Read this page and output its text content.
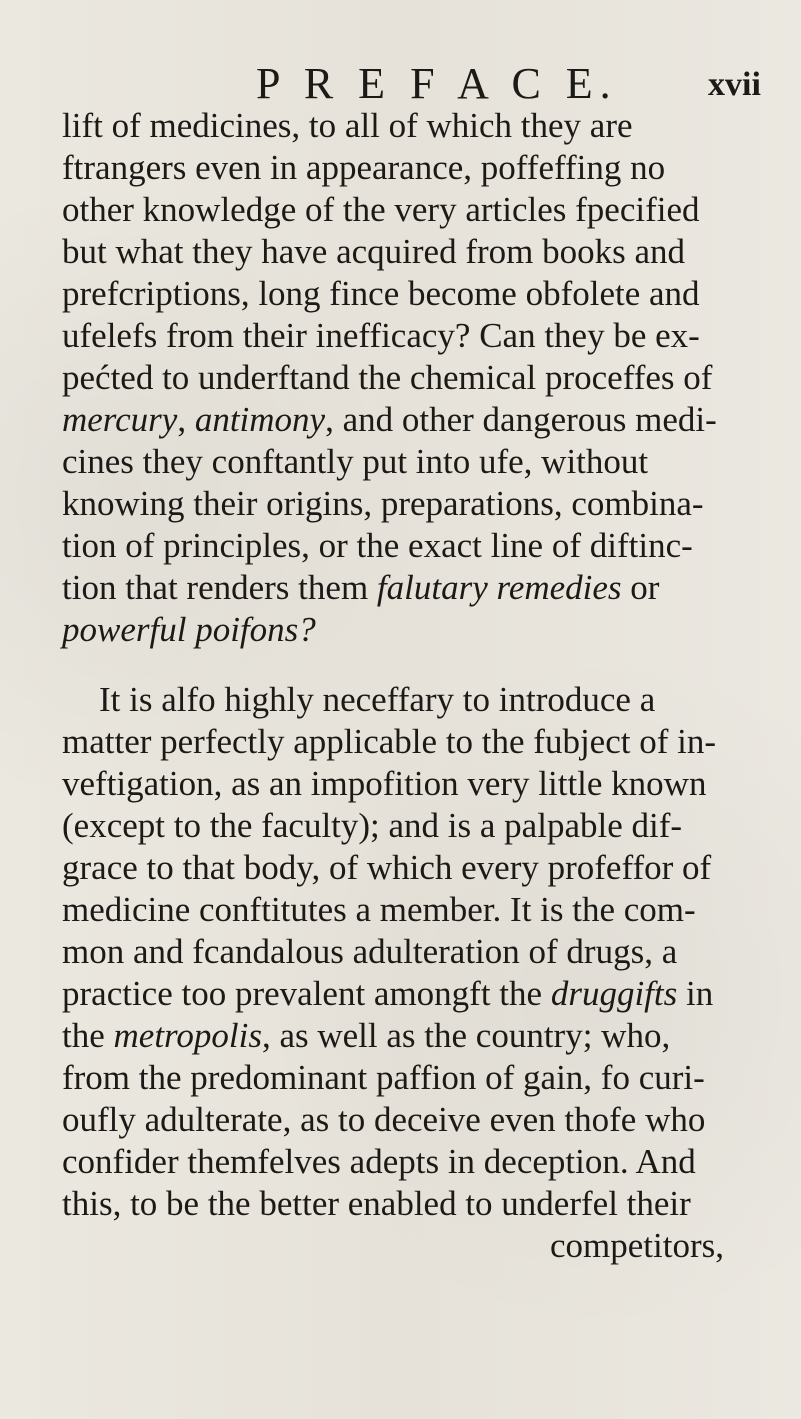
P R E F A C E.	xvii
lift of medicines, to all of which they are
ftrangers even in appearance, poffeffing no
other knowledge of the very articles fpecified
but what they have acquired from books and
prefcriptions, long fince become obfolete and
ufelefs from their inefficacy? Can they be ex-
pećted to underftand the chemical proceffes of
mercury, antimony, and other dangerous medi-
cines they conftantly put into ufe, without
knowing their origins, preparations, combina-
tion of principles, or the exact line of diftinc-
tion that renders them falutary remedies or
powerful poifons?
It is alfo highly neceffary to introduce a
matter perfectly applicable to the fubject of in-
veftigation, as an impofition very little known
(except to the faculty); and is a palpable dif-
grace to that body, of which every profeffor of
medicine conftitutes a member. It is the com-
mon and fcandalous adulteration of drugs, a
practice too prevalent amongft the druggifts in
the metropolis, as well as the country; who,
from the predominant paffion of gain, fo curi-
oufly adulterate, as to deceive even thofe who
confider themfelves adepts in deception. And
this, to be the better enabled to underfel their
competitors,
